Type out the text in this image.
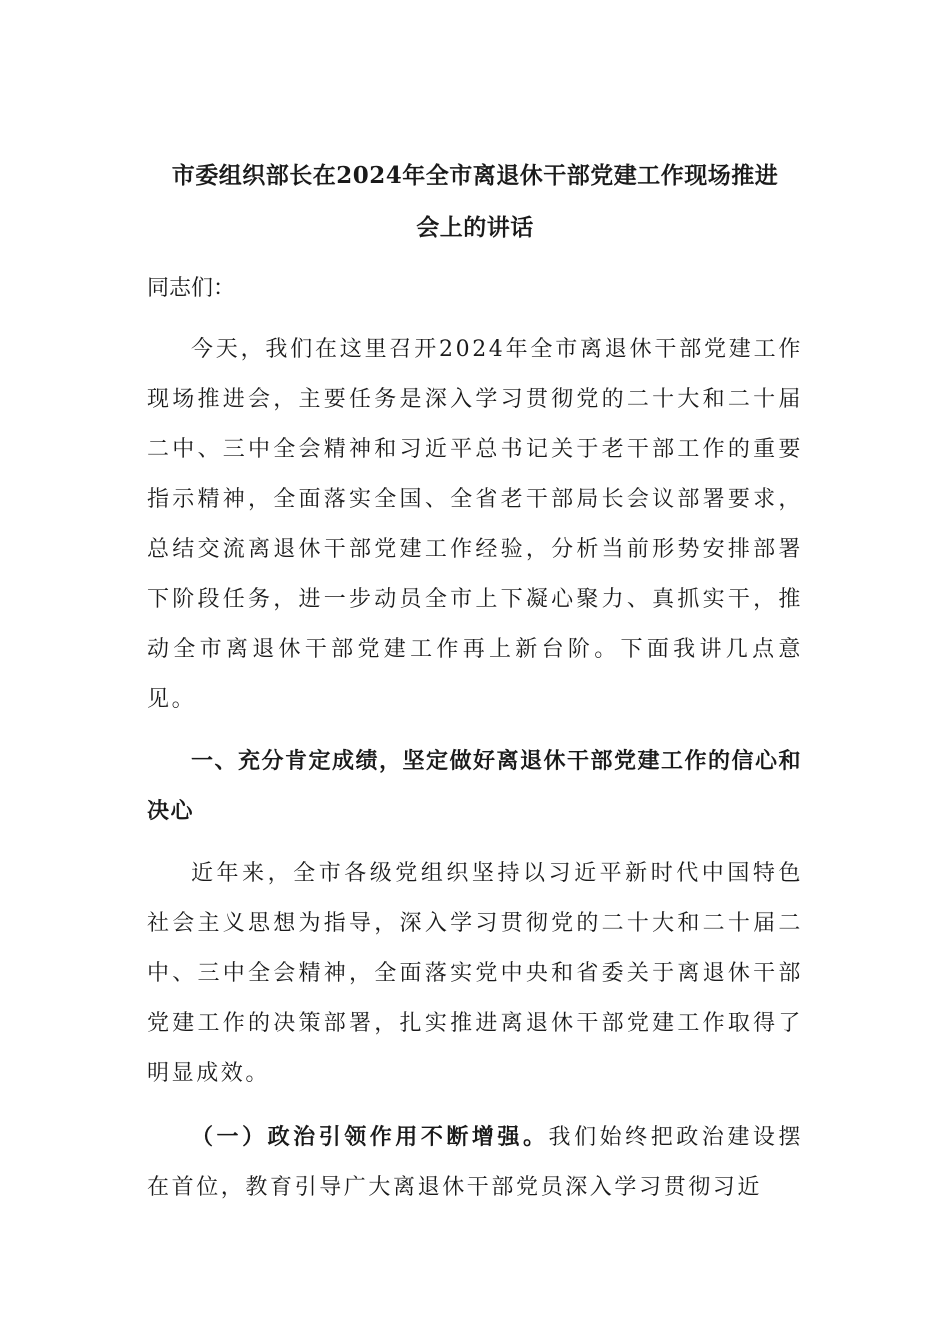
市委组织部长在2024年全市离退休干部党建工作现场推进
会上的讲话

同志们：

今天，我们在这里召开2024年全市离退休干部党建工作现场推进会，主要任务是深入学习贯彻党的二十大和二十届二中、三中全会精神和习近平总书记关于老干部工作的重要指示精神，全面落实全国、全省老干部局长会议部署要求，总结交流离退休干部党建工作经验，分析当前形势安排部署下阶段任务，进一步动员全市上下凝心聚力、真抓实干，推动全市离退休干部党建工作再上新台阶。下面我讲几点意见。

一、充分肯定成绩，坚定做好离退休干部党建工作的信心和决心

近年来，全市各级党组织坚持以习近平新时代中国特色社会主义思想为指导，深入学习贯彻党的二十大和二十届二中、三中全会精神，全面落实党中央和省委关于离退休干部党建工作的决策部署，扎实推进离退休干部党建工作取得了明显成效。

（一）政治引领作用不断增强。我们始终把政治建设摆在首位，教育引导广大离退休干部党员深入学习贯彻习近
